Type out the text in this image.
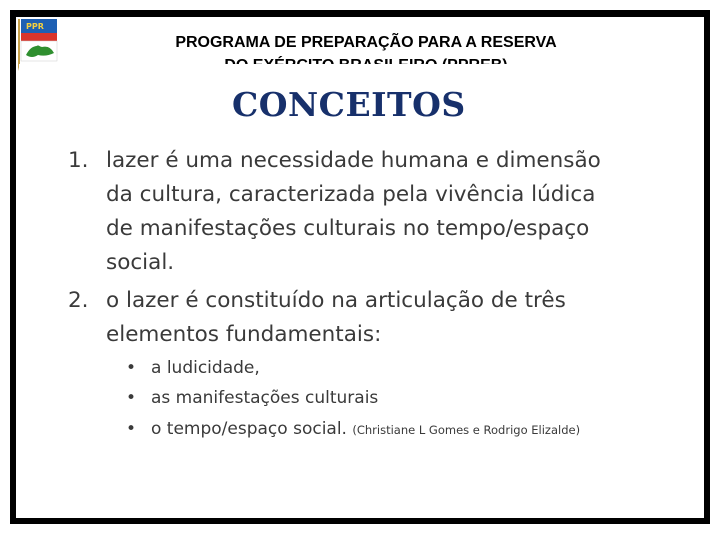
PPR
PROGRAMA DE PREPARAÇÃO PARA A RESERVA
CONCEITOS
1. lazer é uma necessidade humana e dimensão
da cultura, caracterizada pela vivência lúdica
de manifestações culturais no tempo/espaço
social.
2. o lazer é constituído na articulação de três
elementos fundamentais:
• a ludicidade,
• as manifestações culturais
• o tempo/espaço social. (Christiane L Gomes e Rodrigo Elizalde)
